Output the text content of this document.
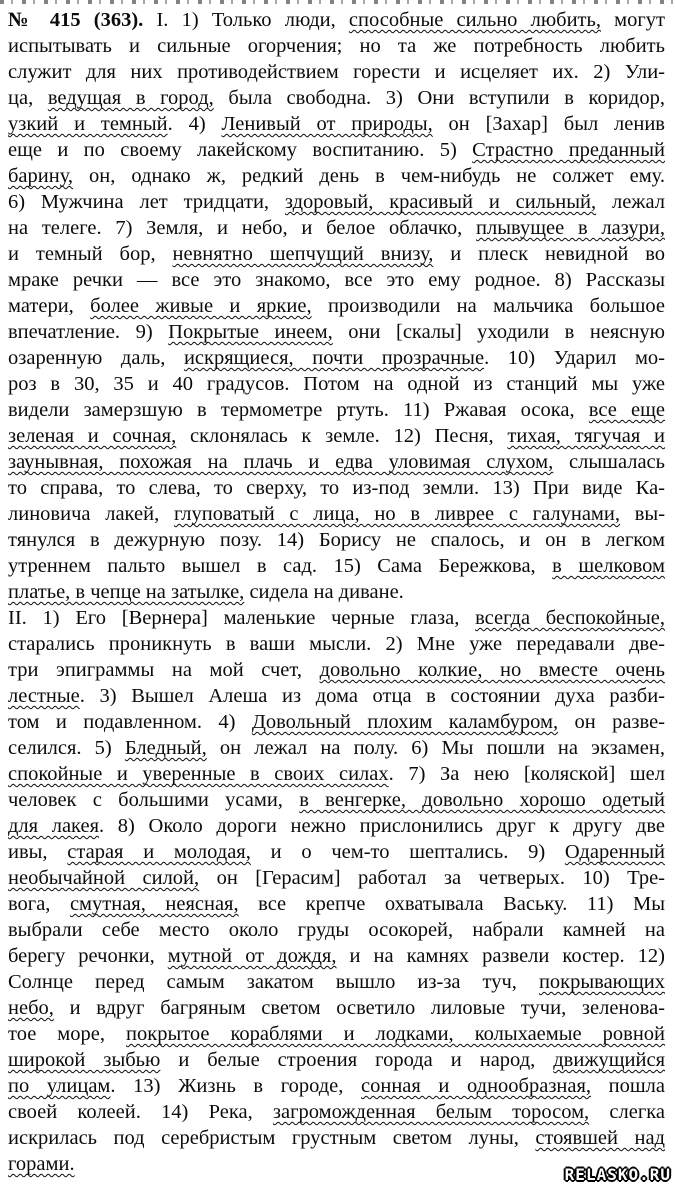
№ 415 (363). I. 1) Только люди, способные сильно любить, могут
испытывать и сильные огорчения; но та же потребность любить
служит для них противодействием горести и исцеляет их. 2) Ули-
ца, ведущая в город, была свободна. 3) Они вступили в коридор,
узкий и темный. 4) Ленивый от природы, он [Захар] был ленив
еще и по своему лакейскому воспитанию. 5) Страстно преданный
барину, он, однако ж, редкий день в чем-нибудь не солжет ему.
6) Мужчина лет тридцати, здоровый, красивый и сильный, лежал
на телеге. 7) Земля, и небо, и белое облачко, плывущее в лазури,
и темный бор, невнятно шепчущий внизу, и плеск невидной во
мраке речки — все это знакомо, все это ему родное. 8) Рассказы
матери, более живые и яркие, производили на мальчика большое
впечатление. 9) Покрытые инеем, они [скалы] уходили в неясную
озаренную даль, искрящиеся, почти прозрачные. 10) Ударил мо-
роз в 30, 35 и 40 градусов. Потом на одной из станций мы уже
видели замерзшую в термометре ртуть. 11) Ржавая осока, все еще
зеленая и сочная, склонялась к земле. 12) Песня, тихая, тягучая и
заунывная, похожая на плачь и едва уловимая слухом, слышалась
то справа, то слева, то сверху, то из-под земли. 13) При виде Ка-
линовича лакей, глуповатый с лица, но в ливрее с галунами, вы-
тянулся в дежурную позу. 14) Борису не спалось, и он в легком
утреннем пальто вышел в сад. 15) Сама Бережкова, в шелковом
платье, в чепце на затылке, сидела на диване.
II. 1) Его [Вернера] маленькие черные глаза, всегда беспокойные,
старались проникнуть в ваши мысли. 2) Мне уже передавали две-
три эпиграммы на мой счет, довольно колкие, но вместе очень
лестные. 3) Вышел Алеша из дома отца в состоянии духа разби-
том и подавленном. 4) Довольный плохим каламбуром, он разве-
селился. 5) Бледный, он лежал на полу. 6) Мы пошли на экзамен,
спокойные и уверенные в своих силах. 7) За нею [коляской] шел
человек с большими усами, в венгерке, довольно хорошо одетый
для лакея. 8) Около дороги нежно прислонились друг к другу две
ивы, старая и молодая, и о чем-то шептались. 9) Одаренный
необычайной силой, он [Герасим] работал за четверых. 10) Тре-
вога, смутная, неясная, все крепче охватывала Ваську. 11) Мы
выбрали себе место около груды осокорей, набрали камней на
берегу речонки, мутной от дождя, и на камнях развели костер. 12)
Солнце перед самым закатом вышло из-за туч, покрывающих
небо, и вдруг багряным светом осветило лиловые тучи, зеленова-
тое море, покрытое кораблями и лодками, колыхаемые ровной
широкой зыбью и белые строения города и народ, движущийся
по улицам. 13) Жизнь в городе, сонная и однообразная, пошла
своей колеей. 14) Река, загроможденная белым торосом, слегка
искрилась под серебристым грустным светом луны, стоявшей над
горами.	RELASKO.RU
